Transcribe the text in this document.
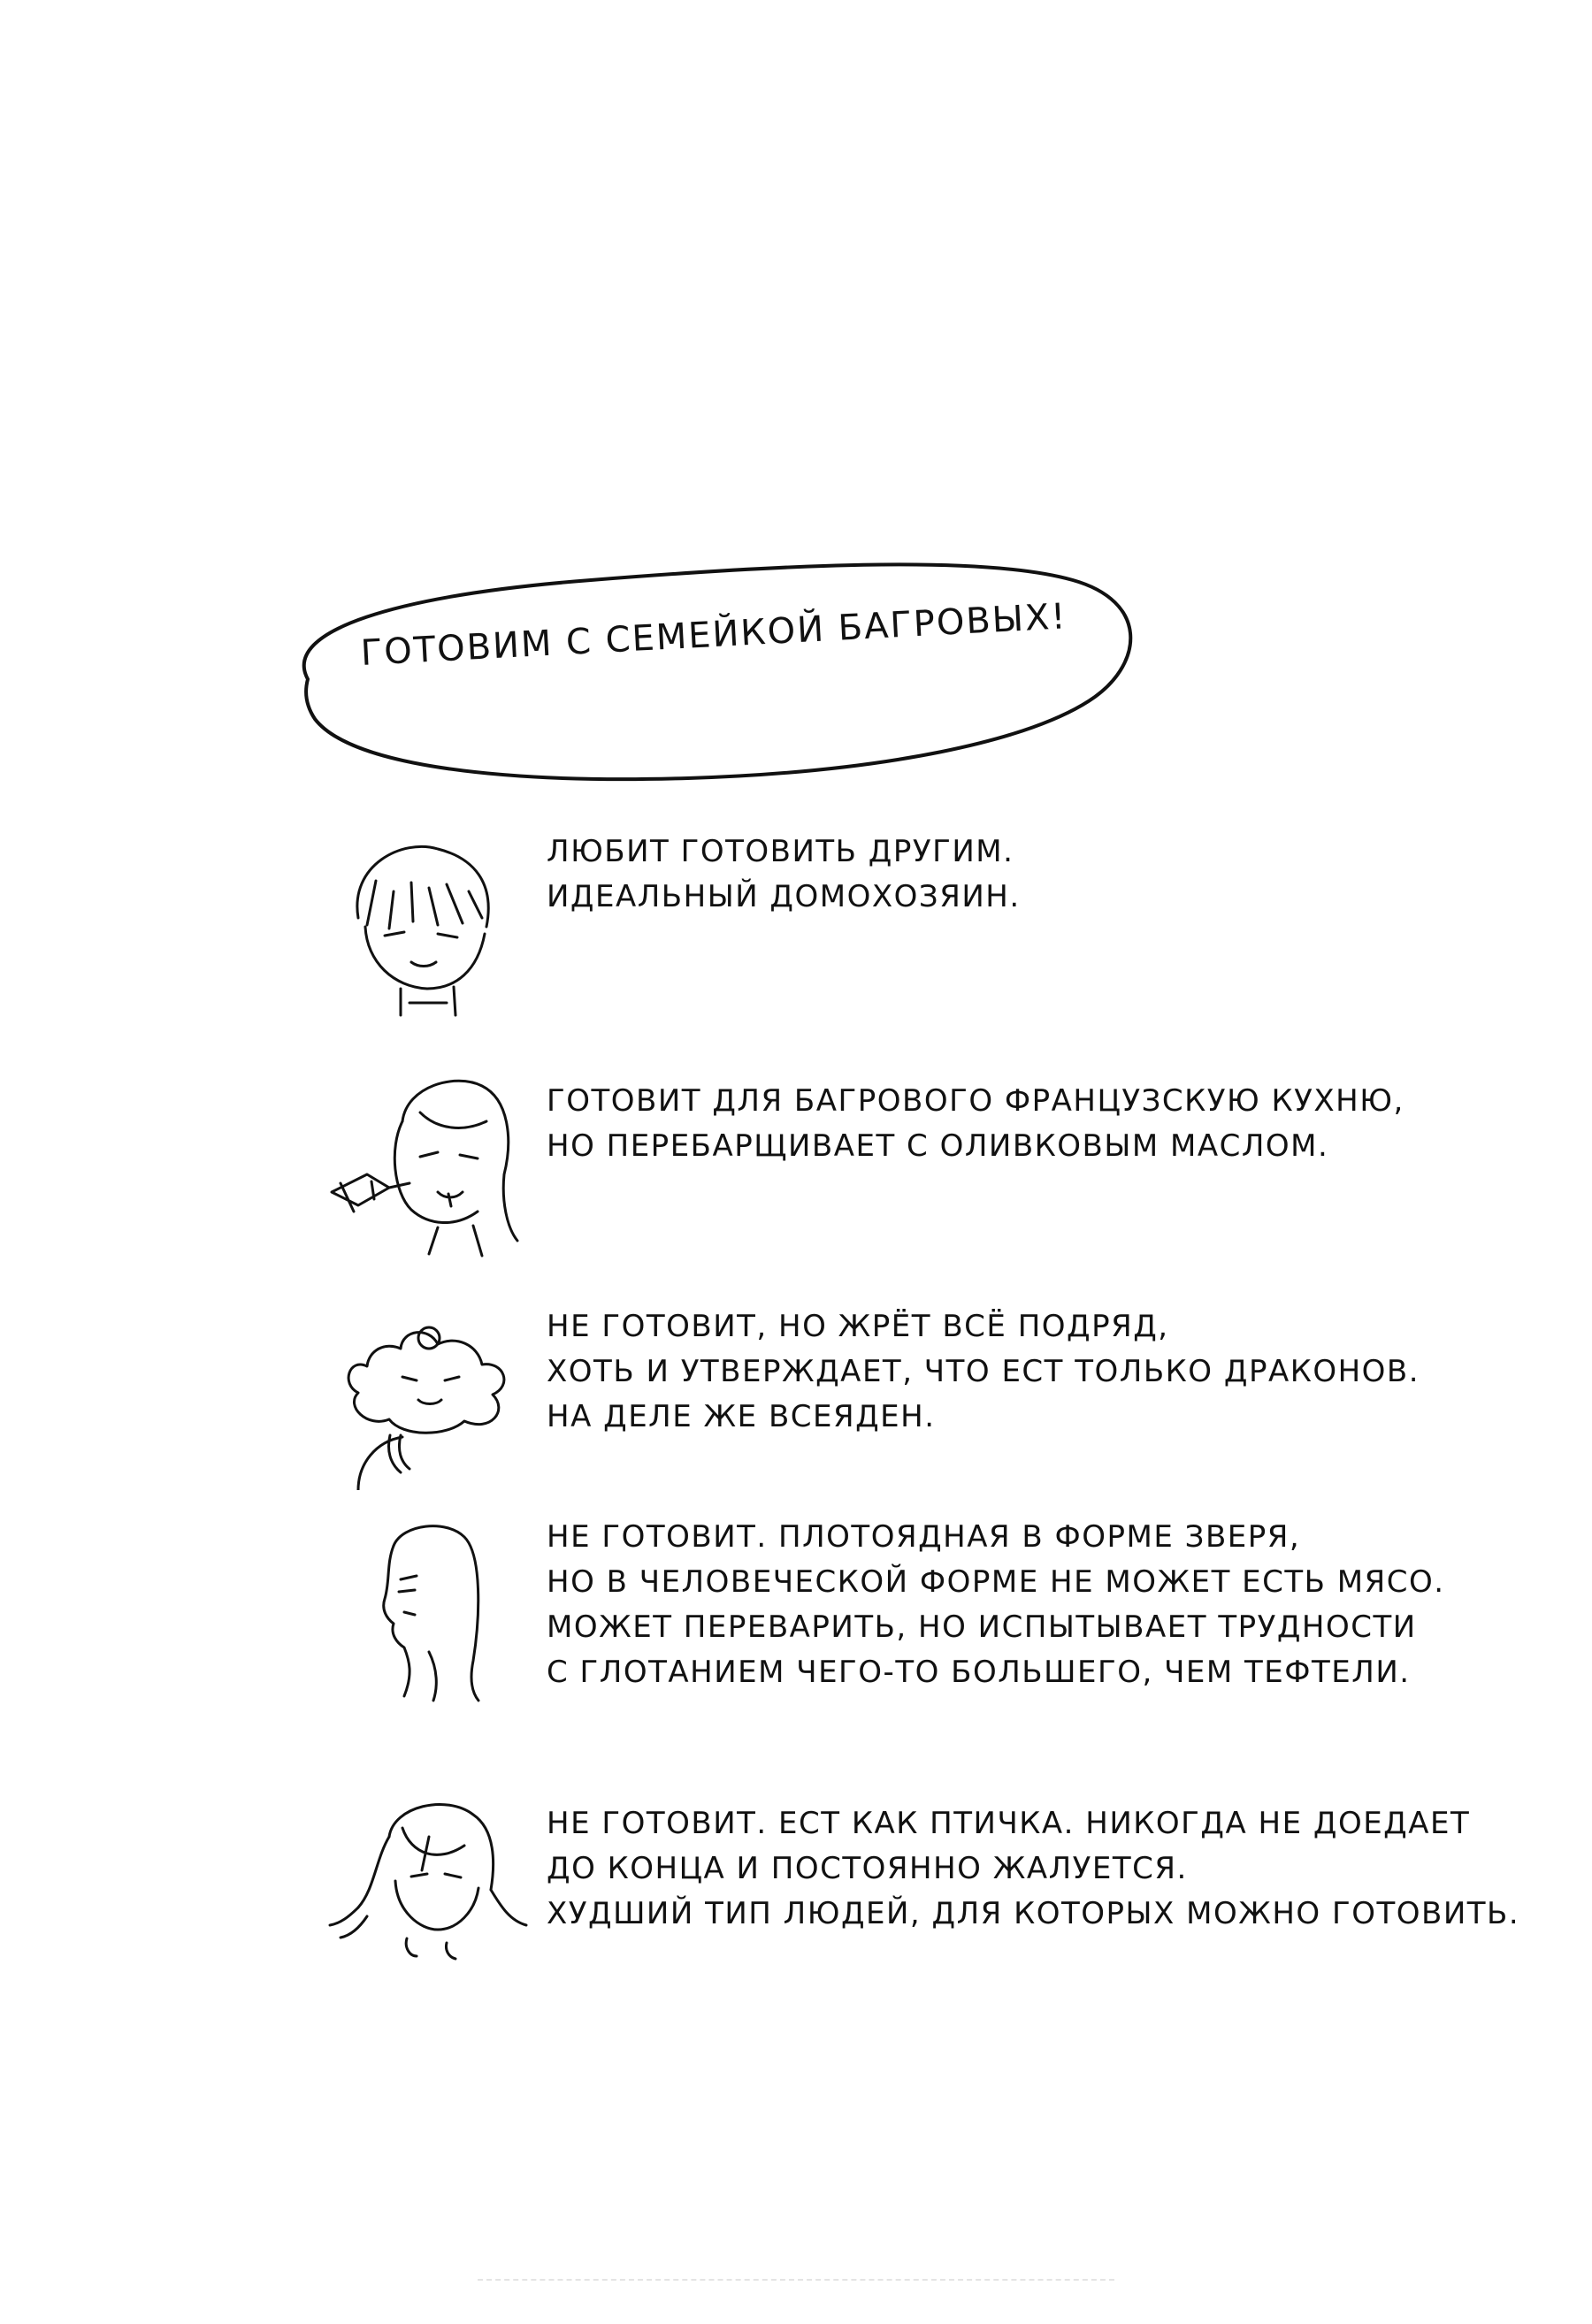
ГОТОВИМ С СЕМЕЙКОЙ БАГРОВЫХ!
ЛЮБИТ ГОТОВИТЬ ДРУГИМ.
ИДЕАЛЬНЫЙ ДОМОХОЗЯИН.
ГОТОВИТ ДЛЯ БАГРОВОГО ФРАНЦУЗСКУЮ КУХНЮ,
НО ПЕРЕБАРЩИВАЕТ С ОЛИВКОВЫМ МАСЛОМ.
НЕ ГОТОВИТ, НО ЖРЁТ ВСЁ ПОДРЯД,
ХОТЬ И УТВЕРЖДАЕТ, ЧТО ЕСТ ТОЛЬКО ДРАКОНОВ.
НА ДЕЛЕ ЖЕ ВСЕЯДЕН.
НЕ ГОТОВИТ. ПЛОТОЯДНАЯ В ФОРМЕ ЗВЕРЯ,
НО В ЧЕЛОВЕЧЕСКОЙ ФОРМЕ НЕ МОЖЕТ ЕСТЬ МЯСО.
МОЖЕТ ПЕРЕВАРИТЬ, НО ИСПЫТЫВАЕТ ТРУДНОСТИ
С ГЛОТАНИЕМ ЧЕГО-ТО БОЛЬШЕГО, ЧЕМ ТЕФТЕЛИ.
НЕ ГОТОВИТ. ЕСТ КАК ПТИЧКА. НИКОГДА НЕ ДОЕДАЕТ
ДО КОНЦА И ПОСТОЯННО ЖАЛУЕТСЯ.
ХУДШИЙ ТИП ЛЮДЕЙ, ДЛЯ КОТОРЫХ МОЖНО ГОТОВИТЬ.
